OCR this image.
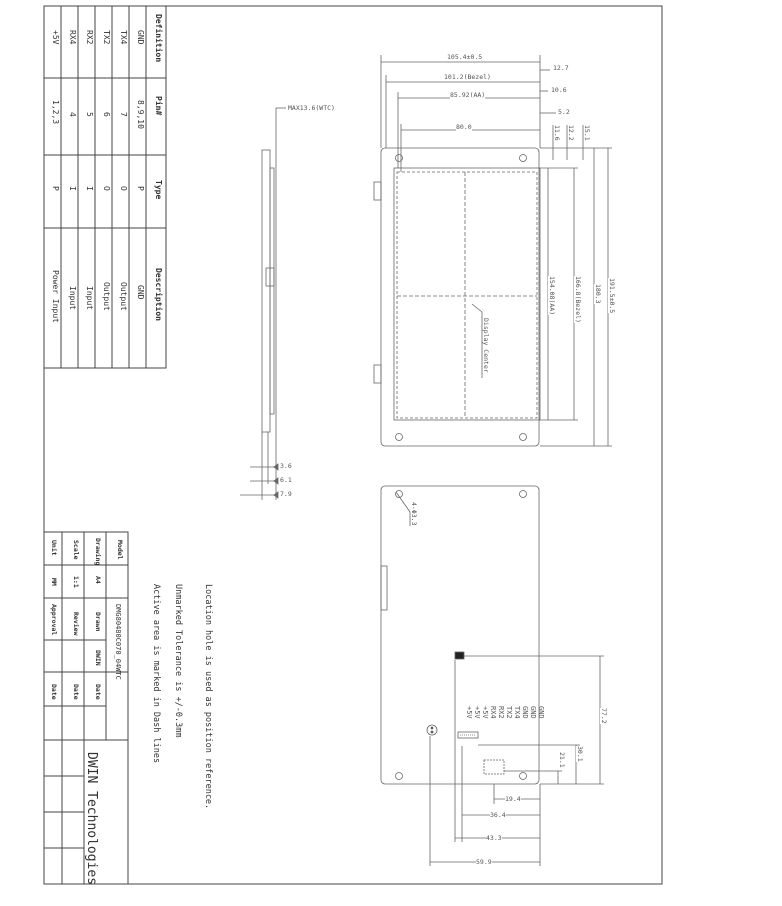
Definition
Pin#
Type
Description
GND
8,9,10
P
GND
TX4
7
O
Output
TX2
6
O
Output
RX2
5
I
Input
RX4
4
I
Input
+5V
1,2,3
P
Power Input
Location hole is used as position reference.
Unmarked Tolerance is +/-0.3mm
Active area is marked in Dash lines
Model
DMG80480C070_04WTC
Drawing
A4
Drawn
DWIN
Date
Scale
1:1
Review
Date
Unit
MM
Approval
Date
DWIN Technologies
MAX13.6(WTC)
3.6
6.1
7.9
105.4±0.5
101.2(Bezel)
85.92(AA)
80.0
12.7
10.6
5.2
11.6 12.2 15.1
154.08(AA)	166.8(Bezel) 180.3 191.5±0.5
Display Center
4-Φ3.3
GND
GND
GND
TX4
TX2
RX2
RX4
+5V
+5V
+5V	77.2
30.1
21.1
19.4
36.4
43.3
59.9
